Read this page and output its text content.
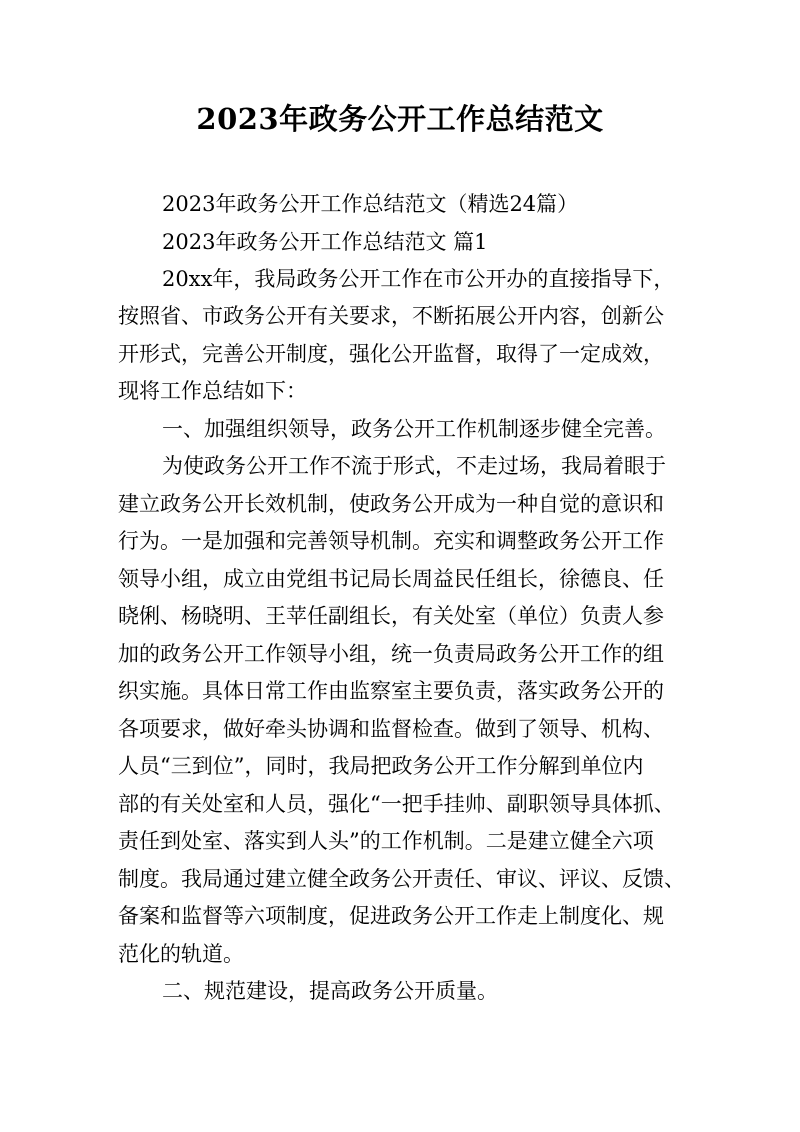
2023年政务公开工作总结范文
2023年政务公开工作总结范文（精选24篇）
2023年政务公开工作总结范文 篇1
20xx年，我局政务公开工作在市公开办的直接指导下，
按照省、市政务公开有关要求，不断拓展公开内容，创新公
开形式，完善公开制度，强化公开监督，取得了一定成效，
现将工作总结如下：
一、加强组织领导，政务公开工作机制逐步健全完善。
为使政务公开工作不流于形式，不走过场，我局着眼于
建立政务公开长效机制，使政务公开成为一种自觉的意识和
行为。一是加强和完善领导机制。充实和调整政务公开工作
领导小组，成立由党组书记局长周益民任组长，徐德良、任
晓俐、杨晓明、王苹任副组长，有关处室（单位）负责人参
加的政务公开工作领导小组，统一负责局政务公开工作的组
织实施。具体日常工作由监察室主要负责，落实政务公开的
各项要求，做好牵头协调和监督检查。做到了领导、机构、
人员“三到位”，同时，我局把政务公开工作分解到单位内
部的有关处室和人员，强化“一把手挂帅、副职领导具体抓、
责任到处室、落实到人头”的工作机制。二是建立健全六项
制度。我局通过建立健全政务公开责任、审议、评议、反馈、
备案和监督等六项制度，促进政务公开工作走上制度化、规
范化的轨道。
二、规范建设，提高政务公开质量。
